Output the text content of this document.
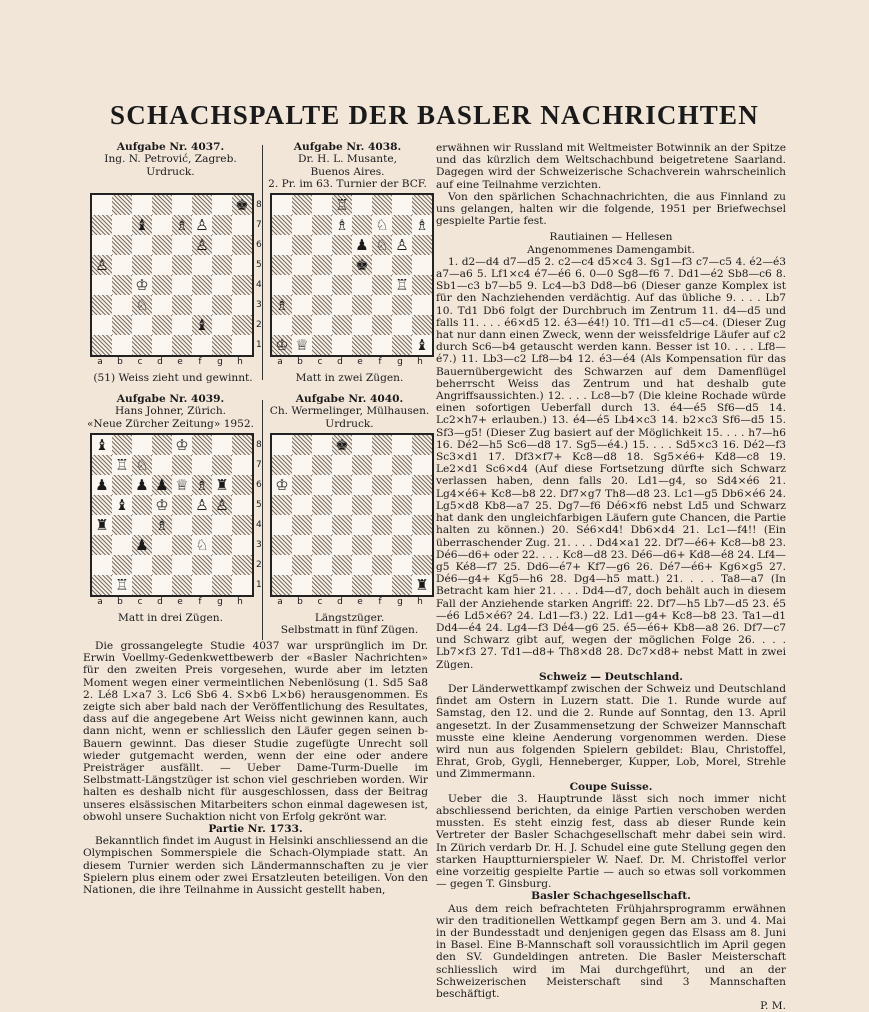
SCHACHSPALTE DER BASLER NACHRICHTEN
Aufgabe Nr. 4037.
Ing. N. Petrović, Zagreb.
Urdruck.
Aufgabe Nr. 4038.
Dr. H. L. Musante,
Buenos Aires.
2. Pr. im 63. Turnier der BCF.
♚
♝ ♗ ♙
♙
♙
♔
♘
♝
8
7
6
5
4
3
2
1
a b c d e f g h
♖
♗ ♘ ♗
♟ ♘ ♙
♚
♖
♗
♔ ♕	♝
a b c d e f g h
(51) Weiss zieht und gewinnt.	Matt in zwei Zügen.
Aufgabe Nr. 4039.
Hans Johner, Zürich.
«Neue Zürcher Zeitung» 1952.
Aufgabe Nr. 4040.
Ch. Wermelinger, Mülhausen.
Urdruck.
♝	♔
♖ ♘
♟ ♟ ♟ ♕ ♗ ♜
♝ ♔ ♙ ♙
♜	♗
♟	♘
♖
8
7
6
5
4
3
2
1
a b c d e f g h
♚
♔
♜
a b c d e f g h
Matt in drei Zügen.	Längstzüger.
Selbstmatt in fünf Zügen.

Die grossangelegte Studie 4037 war ursprünglich im Dr. Erwin Voellmy-Gedenkwettbewerb der «Basler Nachrichten» für den zweiten Preis vorgesehen, wurde aber im letzten Moment wegen einer vermeintlichen Nebenlösung (1. Sd5 Sa8 2. Lé8 L×a7 3. Lc6 Sb6 4. S×b6 L×b6) herausgenommen. Es zeigte sich aber bald nach der Veröffentlichung des Resultates, dass auf die angegebene Art Weiss nicht gewinnen kann, auch dann nicht, wenn er schliesslich den Läufer gegen seinen b-Bauern gewinnt. Das dieser Studie zugefügte Unrecht soll wieder gutgemacht werden, wenn der eine oder andere Preisträger ausfällt. — Ueber Dame-Turm-Duelle im Selbstmatt-Längstzüger ist schon viel geschrieben worden. Wir halten es deshalb nicht für ausgeschlossen, dass der Beitrag unseres elsässischen Mitarbeiters schon einmal dagewesen ist, obwohl unsere Suchaktion nicht von Erfolg gekrönt war.

Partie Nr. 1733.

Bekanntlich findet im August in Helsinki anschliessend an die Olympischen Sommerspiele die Schach-Olympiade statt. An diesem Turnier werden sich Ländermannschaften zu je vier Spielern plus einem oder zwei Ersatzleuten beteiligen. Von den Nationen, die ihre Teilnahme in Aussicht gestellt haben,

erwähnen wir Russland mit Weltmeister Botwinnik an der Spitze und das kürzlich dem Weltschachbund beigetretene Saarland. Dagegen wird der Schweizerische Schachverein wahrscheinlich auf eine Teilnahme verzichten.

Von den spärlichen Schachnachrichten, die aus Finnland zu uns gelangen, halten wir die folgende, 1951 per Briefwechsel gespielte Partie fest.

Rautiainen — Hellesen

Angenommenes Damengambit.

1. d2—d4 d7—d5 2. c2—c4 d5×c4 3. Sg1—f3 c7—c5 4. é2—é3 a7—a6 5. Lf1×c4 é7—é6 6. 0—0 Sg8—f6 7. Dd1—é2 Sb8—c6 8. Sb1—c3 b7—b5 9. Lc4—b3 Dd8—b6 (Dieser ganze Komplex ist für den Nachziehenden verdächtig. Auf das übliche 9. . . . Lb7 10. Td1 Db6 folgt der Durchbruch im Zentrum 11. d4—d5 und falls 11. . . . é6×d5 12. é3—é4!) 10. Tf1—d1 c5—c4. (Dieser Zug hat nur dann einen Zweck, wenn der weissfeldrige Läufer auf c2 durch Sc6—b4 getauscht werden kann. Besser ist 10. . . . Lf8—é7.) 11. Lb3—c2 Lf8—b4 12. é3—é4 (Als Kompensation für das Bauernübergewicht des Schwarzen auf dem Damenflügel beherrscht Weiss das Zentrum und hat deshalb gute Angriffsaussichten.) 12. . . . Lc8—b7 (Die kleine Rochade würde einen sofortigen Ueberfall durch 13. é4—é5 Sf6—d5 14. Lc2×h7+ erlauben.) 13. é4—é5 Lb4×c3 14. b2×c3 Sf6—d5 15. Sf3—g5! (Dieser Zug basiert auf der Möglichkeit 15. . . . h7—h6 16. Dé2—h5 Sc6—d8 17. Sg5—é4.) 15. . . . Sd5×c3 16. Dé2—f3 Sc3×d1 17. Df3×f7+ Kc8—d8 18. Sg5×é6+ Kd8—c8 19. Le2×d1 Sc6×d4 (Auf diese Fortsetzung dürfte sich Schwarz verlassen haben, denn falls 20. Ld1—g4, so Sd4×é6 21. Lg4×é6+ Kc8—b8 22. Df7×g7 Th8—d8 23. Lc1—g5 Db6×é6 24. Lg5×d8 Kb8—a7 25. Dg7—f6 Dé6×f6 nebst Ld5 und Schwarz hat dank den ungleichfarbigen Läufern gute Chancen, die Partie halten zu können.) 20. Sé6×d4! Db6×d4 21. Lc1—f4!! (Ein überraschender Zug. 21. . . . Dd4×a1 22. Df7—é6+ Kc8—b8 23. Dé6—d6+ oder 22. . . . Kc8—d8 23. Dé6—d6+ Kd8—é8 24. Lf4—g5 Ké8—f7 25. Dd6—é7+ Kf7—g6 26. Dé7—é6+ Kg6×g5 27. Dé6—g4+ Kg5—h6 28. Dg4—h5 matt.) 21. . . . Ta8—a7 (In Betracht kam hier 21. . . . Dd4—d7, doch behält auch in diesem Fall der Anziehende starken Angriff: 22. Df7—h5 Lb7—d5 23. é5—é6 Ld5×é6? 24. Ld1—f3.) 22. Ld1—g4+ Kc8—b8 23. Ta1—d1 Dd4—é4 24. Lg4—f3 Dé4—g6 25. é5—é6+ Kb8—a8 26. Df7—c7 und Schwarz gibt auf, wegen der möglichen Folge 26. . . . Lb7×f3 27. Td1—d8+ Th8×d8 28. Dc7×d8+ nebst Matt in zwei Zügen.

Schweiz — Deutschland.

Der Länderwettkampf zwischen der Schweiz und Deutschland findet am Ostern in Luzern statt. Die 1. Runde wurde auf Samstag, den 12. und die 2. Runde auf Sonntag, den 13. April angesetzt. In der Zusammensetzung der Schweizer Mannschaft musste eine kleine Aenderung vorgenommen werden. Diese wird nun aus folgenden Spielern gebildet: Blau, Christoffel, Ehrat, Grob, Gygli, Henneberger, Kupper, Lob, Morel, Strehle und Zimmermann.

Coupe Suisse.

Ueber die 3. Hauptrunde lässt sich noch immer nicht abschliessend berichten, da einige Partien verschoben werden mussten. Es steht einzig fest, dass ab dieser Runde kein Vertreter der Basler Schachgesellschaft mehr dabei sein wird. In Zürich verdarb Dr. H. J. Schudel eine gute Stellung gegen den starken Hauptturnierspieler W. Naef. Dr. M. Christoffel verlor eine vorzeitig gespielte Partie — auch so etwas soll vorkommen — gegen T. Ginsburg.

Basler Schachgesellschaft.

Aus dem reich befrachteten Frühjahrsprogramm erwähnen wir den traditionellen Wettkampf gegen Bern am 3. und 4. Mai in der Bundesstadt und denjenigen gegen das Elsass am 8. Juni in Basel. Eine B-Mannschaft soll voraussichtlich im April gegen den SV. Gundeldingen antreten. Die Basler Meisterschaft schliesslich wird im Mai durchgeführt, und an der Schweizerischen Meisterschaft sind 3 Mannschaften beschäftigt.

P. M.
